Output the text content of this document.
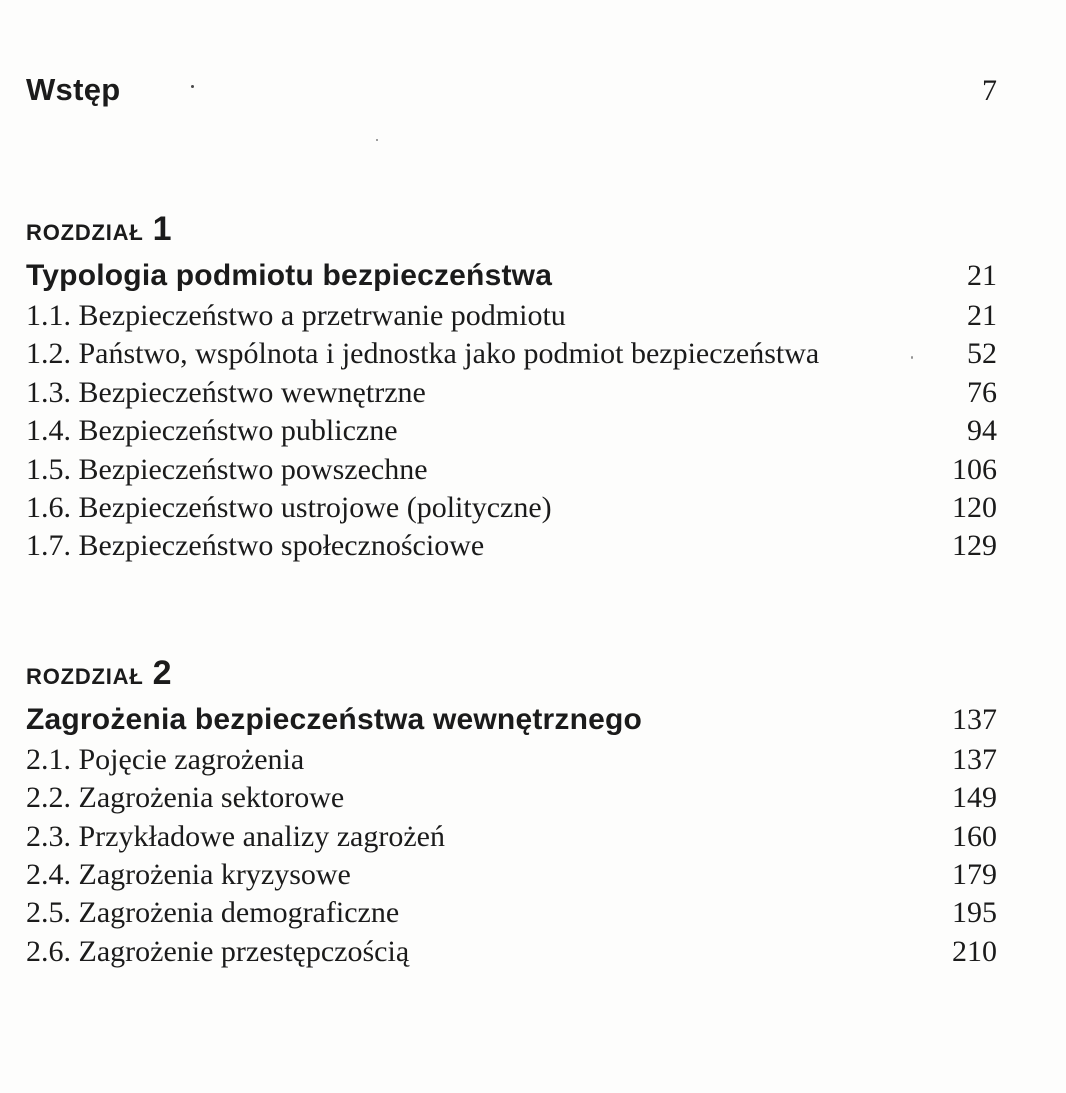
Wstęp	7
ROZDZIAŁ 1
Typologia podmiotu bezpieczeństwa	21
1.1. Bezpieczeństwo a przetrwanie podmiotu	21
1.2. Państwo, wspólnota i jednostka jako podmiot bezpieczeństwa	52
1.3. Bezpieczeństwo wewnętrzne	76
1.4. Bezpieczeństwo publiczne	94
1.5. Bezpieczeństwo powszechne	106
1.6. Bezpieczeństwo ustrojowe (polityczne)	120
1.7. Bezpieczeństwo społecznościowe	129
ROZDZIAŁ 2
Zagrożenia bezpieczeństwa wewnętrznego	137
2.1. Pojęcie zagrożenia	137
2.2. Zagrożenia sektorowe	149
2.3. Przykładowe analizy zagrożeń	160
2.4. Zagrożenia kryzysowe	179
2.5. Zagrożenia demograficzne	195
2.6. Zagrożenie przestępczością	210
